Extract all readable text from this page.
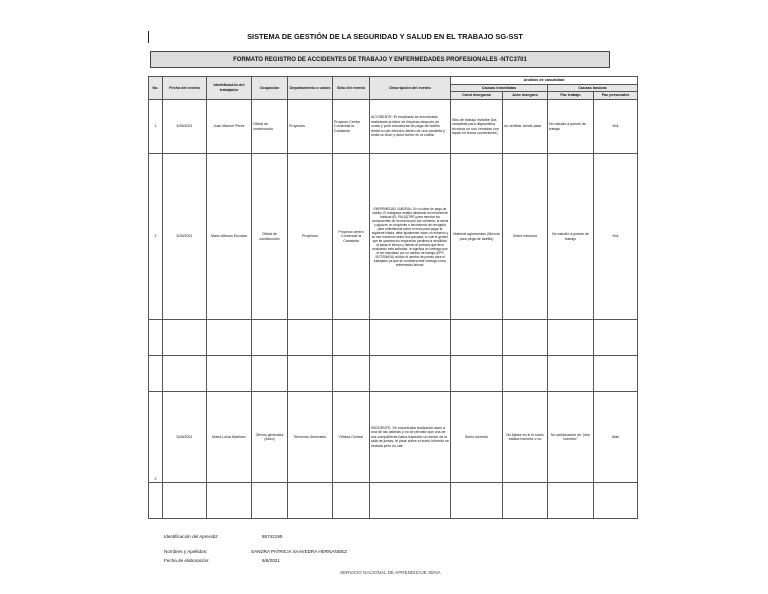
SISTEMA DE GESTIÓN DE LA SEGURIDAD Y SALUD EN EL TRABAJO SG-SST
FORMATO REGISTRO DE ACCIDENTES DE TRABAJO Y ENFERMEDADES PROFESIONALES -NTC3701
No.	Fecha del evento	Identificación del trabajador	Ocupación	Departamento o unaes	Sitio del evento	Descripción del evento	Análisis de casualidad			
							Causas inmediatas		Causas basicas	
							Cond inseguras	Acto inseguro	Fac trabajo	Fac personales
1	5/28/2021	Juan Manuel Pérez	Oficial de construcción	Proyectos	Proyecto Centro Comercial la Cantabria	ACCIDENTE: El empleado se encontraba realizando la labor de limpieza después de cortar y pulir estructuras de pega de ladrillo metal su pie derecho dentro de una canaleta y sintió un tirón y dolor fuerte en la rodilla	Sitio de trabajo invisible (los canaletas para dispositivos técnicos no son cerradas con tapas en forma conveniente)	no verificar donde pisar	No estudio a puesto de trabajo	N/A
2	5/28/2021	Mario Alfonso Escobar	Oficial de construcción	Proyectos	Proyecto centro Comercial la Cantabria	ENFERMEDAD LABORAL: En su labor de pega de ladrillo, El trabajador estaba utilizando la herramienta habitual (EL PALUSTRE) para mezclar los componentes de la mezcla que son cemento, la arena y agua en un recipiente o recomiendo de recogerla para redistribuirla sobre el muro para pegar la siguiente hilada, debe igualmente hacer un esfuerzo y en ese momento sintió una punzada, lo cual le generó que se quedara sin respiración perdiera la movilidad, al pasar el tiempo y debido al síntoma que lleva realizando esta actividad, le significa un lumbago que al ser estudiado por un médico de trabajo (EPS SISTEMAYA) solicitó el cambio de puesto para el trabajador ya que se considera este lumbago como enfermedad laboral.	Material aglomerado (Mezcla para pega de ladrillo)	Sobre esfuerzo	No estudio a puesto de trabajo	N/A

3	5/28/2021	María Luisa Martínez	Oficios generales (Aseo)	Servicios Generales	Oficina Central	INCIDENTE: Se encontraba realizando aseo a una de las cabinas y no se percató que una de sus compañeras había trapeado un sector de la sala de juntas, al pisar sobre el suelo húmedo se resbala pero no cae	Suelo húmedo	No fijarse en si el suelo estaba húmedo o no	No señalización de "piso húmedo"	Afán

Identificación del Aprendiz:	65742195
Nombres y Apellidos:	SANDRA PATRICIA SAAVEDRA HERNANDEZ
Fecha de elaboración:	6/6/2021
SERVICIO NACIONAL DE APRENDIZAJE SENA
